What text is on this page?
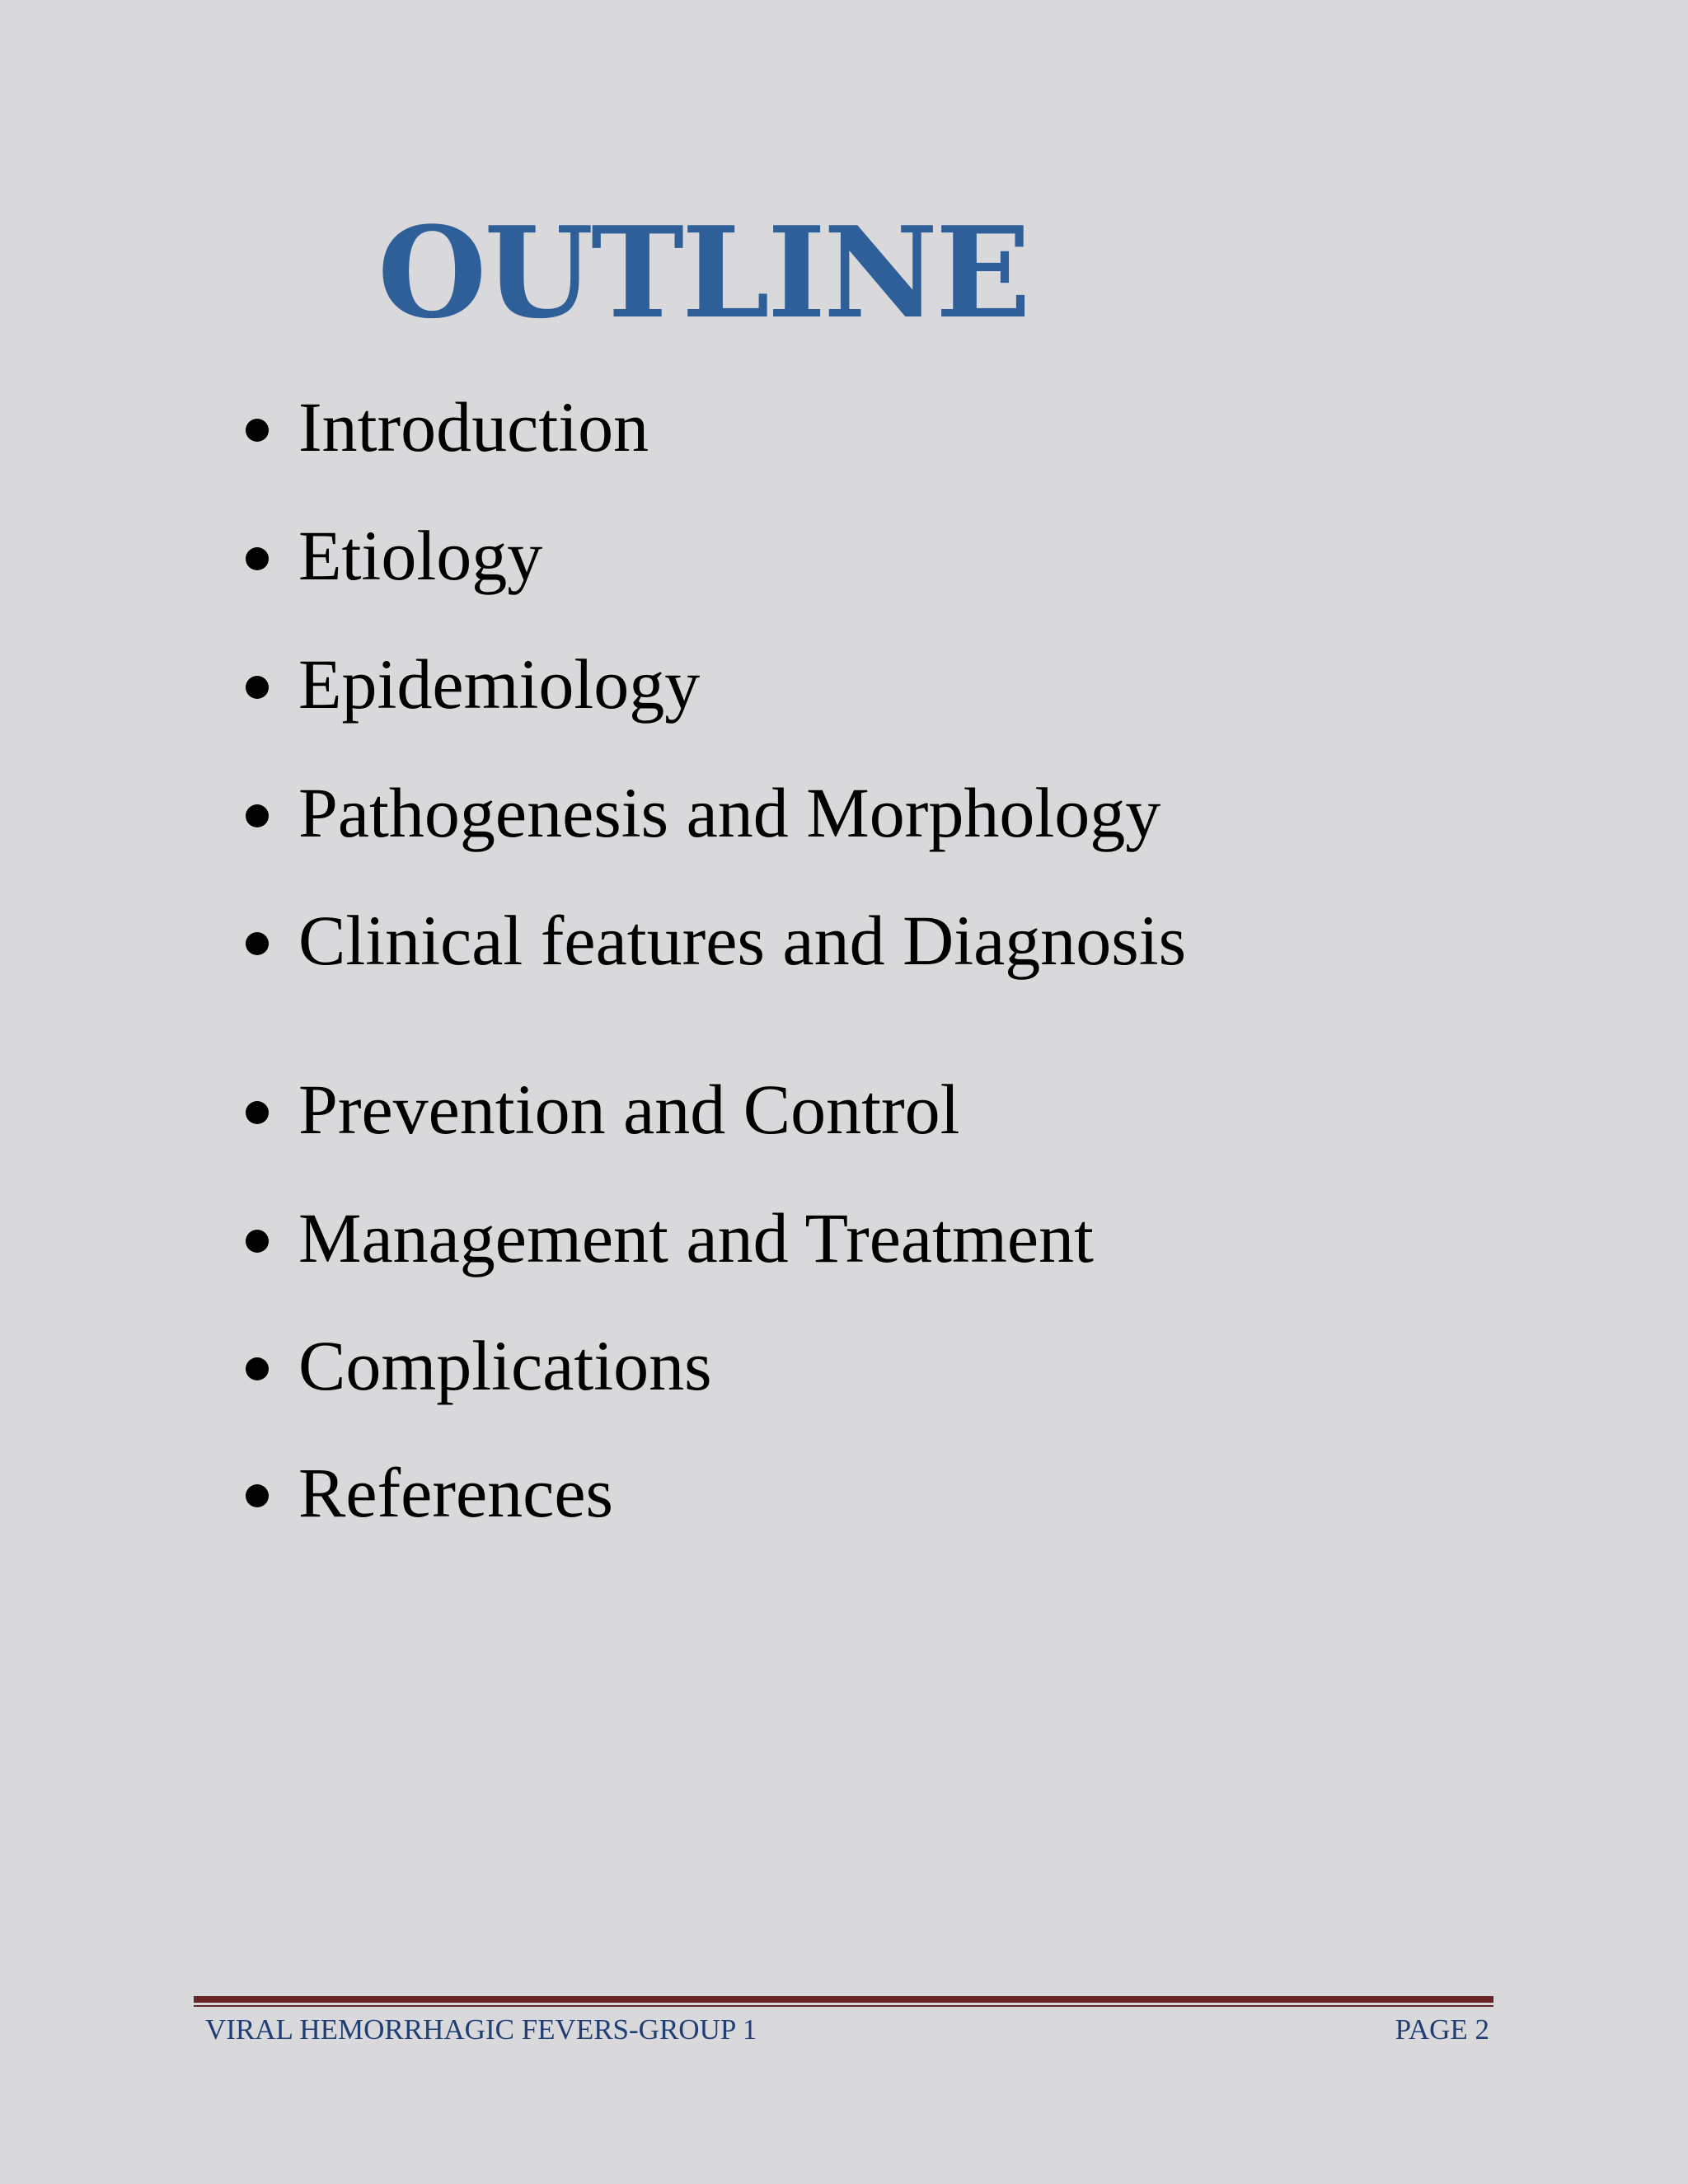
OUTLINE
Introduction
Etiology
Epidemiology
Pathogenesis and Morphology
Clinical features and Diagnosis
Prevention and Control
Management and Treatment
Complications
References
VIRAL HEMORRHAGIC FEVERS-GROUP 1	PAGE 2
